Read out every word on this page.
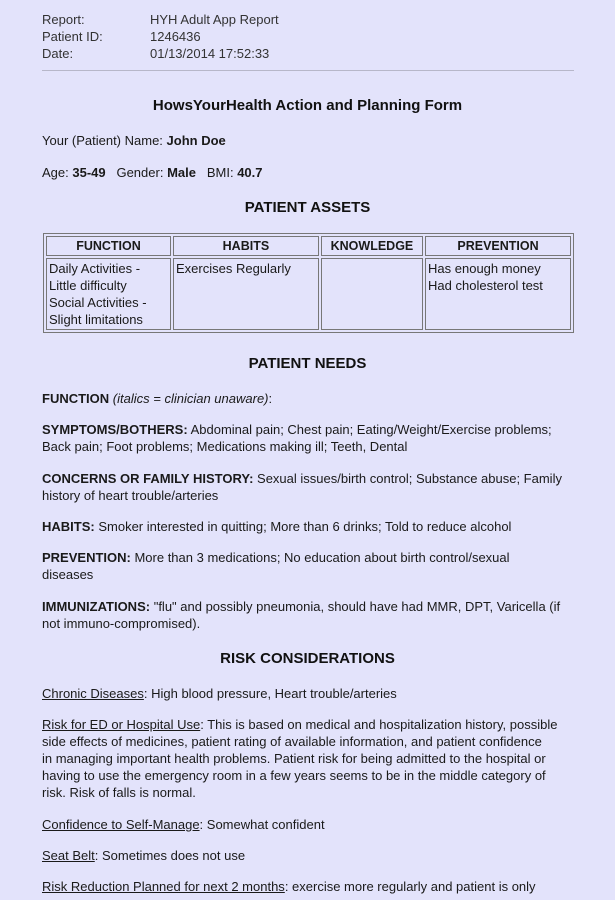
Report:	HYH Adult App Report
Patient ID:	1246436
Date:	01/13/2014 17:52:33
HowsYourHealth Action and Planning Form
Your (Patient) Name: John Doe
Age: 35-49 Gender: Male BMI: 40.7
PATIENT ASSETS
FUNCTION	HABITS	KNOWLEDGE	PREVENTION

Daily Activities -
Little difficulty
Social Activities -
Slight limitations	Exercises Regularly		Has enough money
Had cholesterol test
PATIENT NEEDS
FUNCTION (italics = clinician unaware):
SYMPTOMS/BOTHERS: Abdominal pain; Chest pain; Eating/Weight/Exercise problems;
Back pain; Foot problems; Medications making ill; Teeth, Dental
CONCERNS OR FAMILY HISTORY: Sexual issues/birth control; Substance abuse; Family
history of heart trouble/arteries
HABITS: Smoker interested in quitting; More than 6 drinks; Told to reduce alcohol
PREVENTION: More than 3 medications; No education about birth control/sexual
diseases
IMMUNIZATIONS: "flu" and possibly pneumonia, should have had MMR, DPT, Varicella (if
not immuno-compromised).
RISK CONSIDERATIONS
Chronic Diseases: High blood pressure, Heart trouble/arteries
Risk for ED or Hospital Use: This is based on medical and hospitalization history, possible
side effects of medicines, patient rating of available information, and patient confidence
in managing important health problems. Patient risk for being admitted to the hospital or
having to use the emergency room in a few years seems to be in the middle category of
risk. Risk of falls is normal.
Confidence to Self-Manage: Somewhat confident
Seat Belt: Sometimes does not use
Risk Reduction Planned for next 2 months: exercise more regularly and patient is only
